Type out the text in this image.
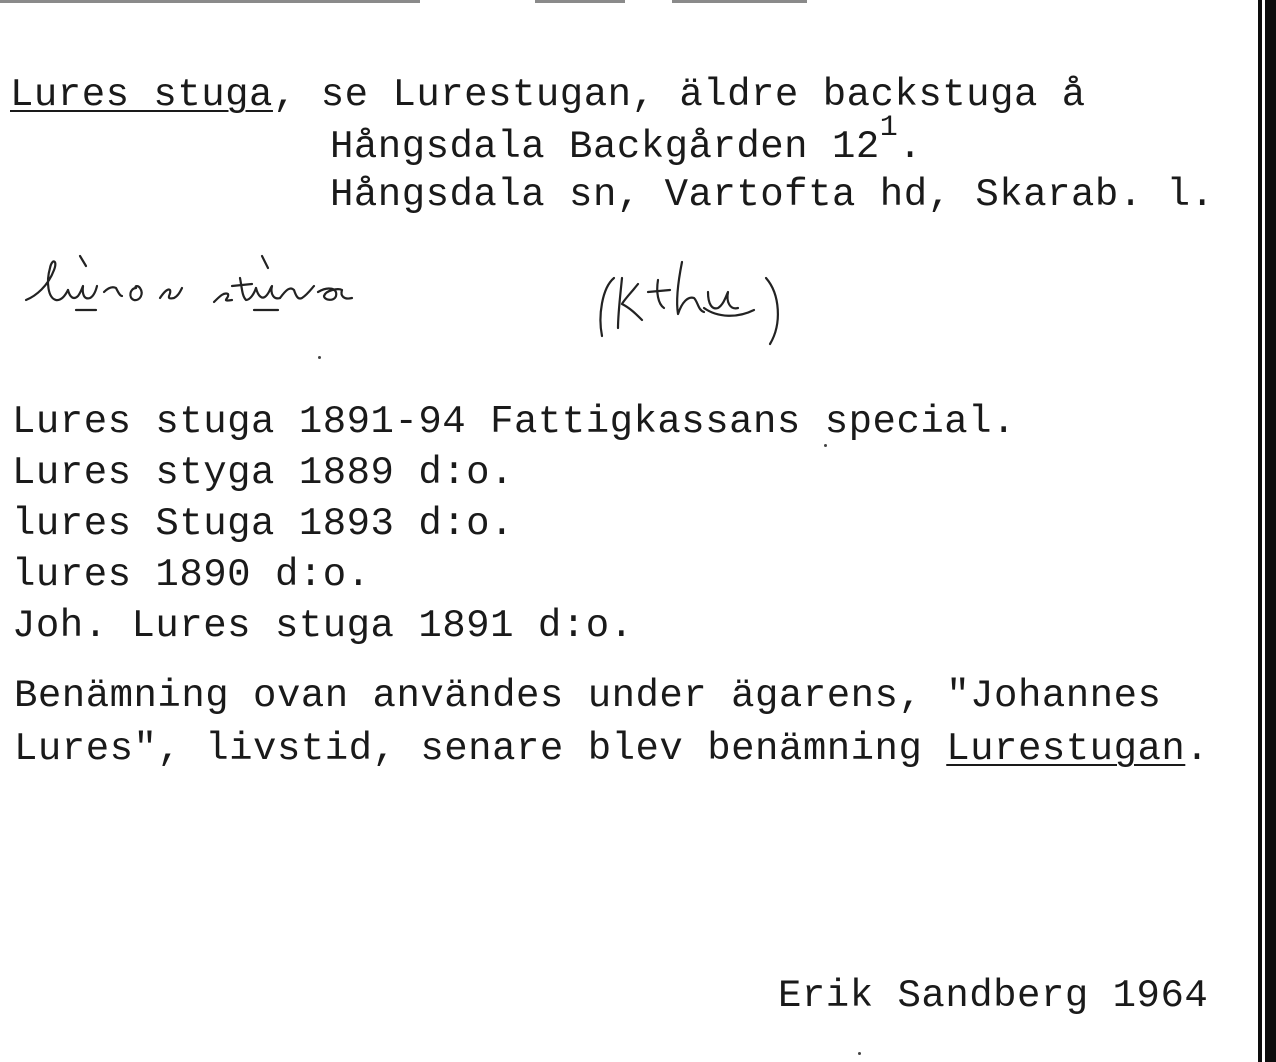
Lures stuga, se Lurestugan, äldre backstuga å
Hångsdala Backgården $12^1$.
Hångsdala sn, Vartofta hd, Skarab. l.
lüros stüva (Kthu)
Lures stuga 1891-94 Fattigkassans special.
Lures styga 1889 d:o.
lures Stuga 1893 d:o.
lures 1890 d:o.
Joh. Lures stuga 1891 d:o.
Benämning ovan användes under ägarens, "Johannes
Lures", livstid, senare blev benämning Lurestugan.
Erik Sandberg 1964
